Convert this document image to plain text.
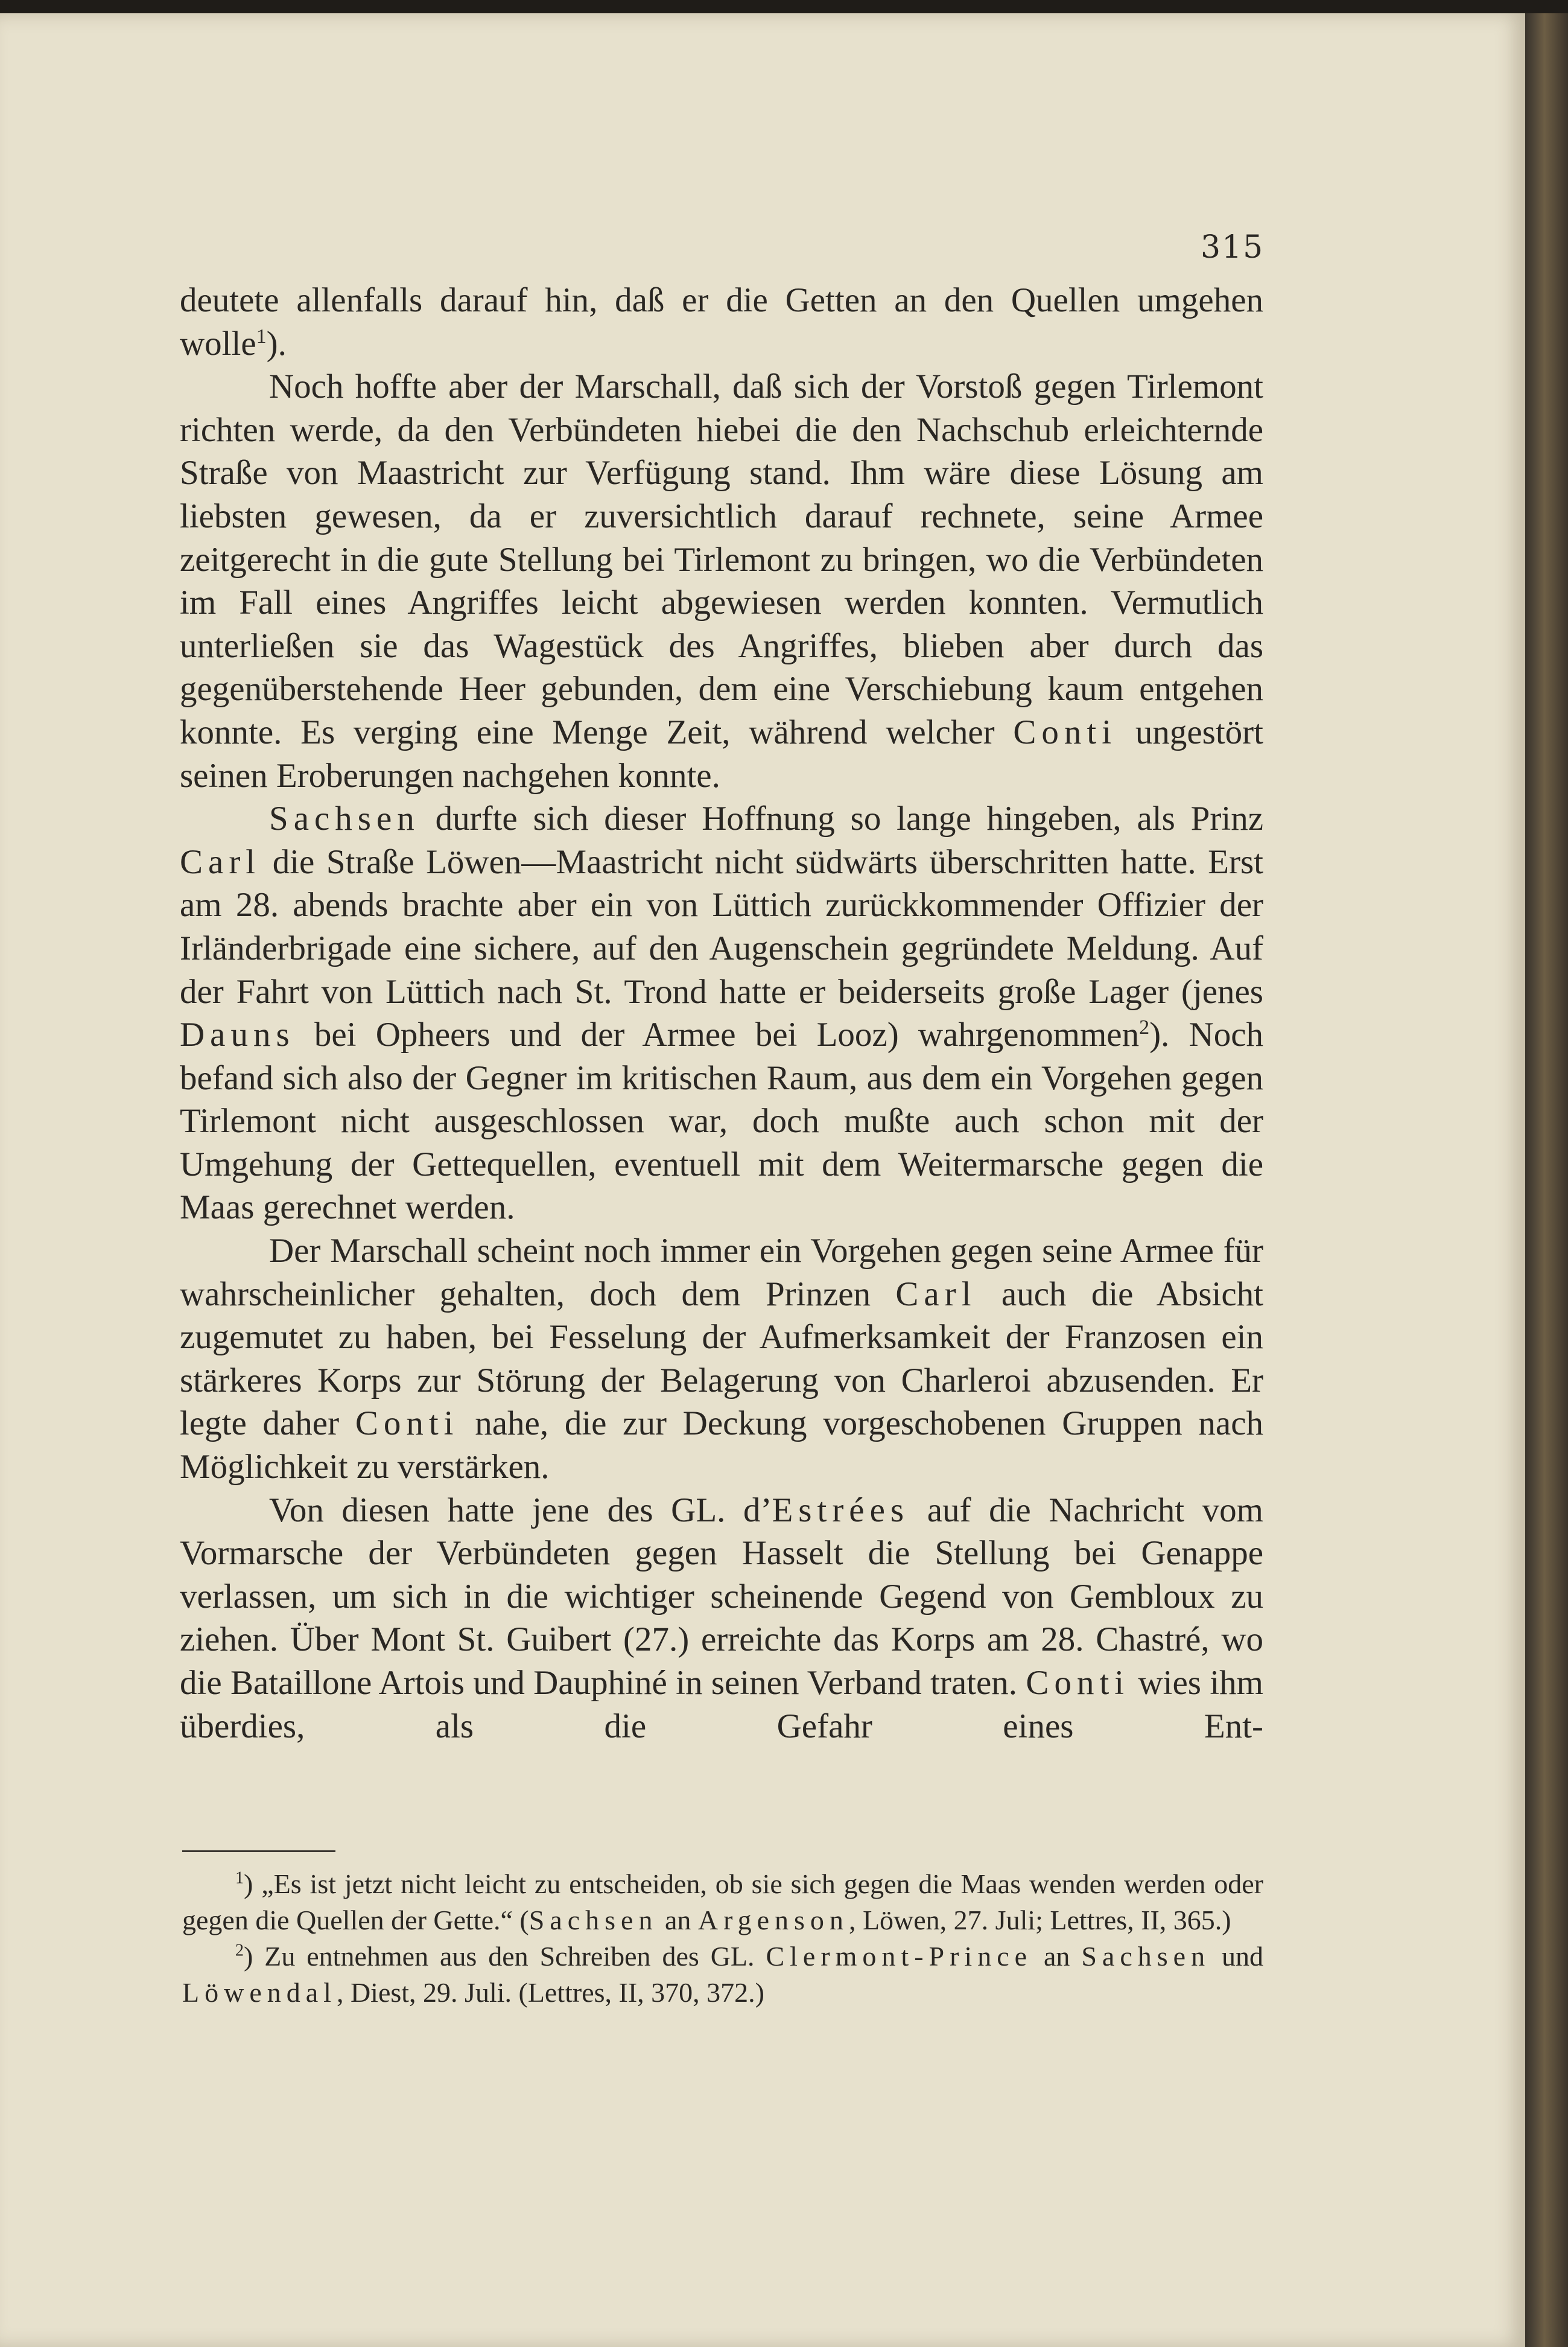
315

deutete allenfalls darauf hin, daß er die Getten an den Quellen umgehen wolle$^1$).

Noch hoffte aber der Marschall, daß sich der Vorstoß gegen Tirlemont richten werde, da den Verbündeten hiebei die den Nachschub erleichternde Straße von Maastricht zur Verfügung stand. Ihm wäre diese Lösung am liebsten gewesen, da er zuversichtlich darauf rechnete, seine Armee zeitgerecht in die gute Stellung bei Tirlemont zu bringen, wo die Verbündeten im Fall eines Angriffes leicht abgewiesen werden konnten. Vermutlich unterließen sie das Wagestück des Angriffes, blieben aber durch das gegenüberstehende Heer gebunden, dem eine Verschiebung kaum entgehen konnte. Es verging eine Menge Zeit, während welcher Conti ungestört seinen Eroberungen nachgehen konnte.

Sachsen durfte sich dieser Hoffnung so lange hingeben, als Prinz Carl die Straße Löwen—Maastricht nicht südwärts überschritten hatte. Erst am 28. abends brachte aber ein von Lüttich zurückkommender Offizier der Irländerbrigade eine sichere, auf den Augenschein gegründete Meldung. Auf der Fahrt von Lüttich nach St. Trond hatte er beiderseits große Lager (jenes Dauns bei Opheers und der Armee bei Looz) wahrgenommen$^2$). Noch befand sich also der Gegner im kritischen Raum, aus dem ein Vorgehen gegen Tirlemont nicht ausgeschlossen war, doch mußte auch schon mit der Umgehung der Gettequellen, eventuell mit dem Weitermarsche gegen die Maas gerechnet werden.

Der Marschall scheint noch immer ein Vorgehen gegen seine Armee für wahrscheinlicher gehalten, doch dem Prinzen Carl auch die Absicht zugemutet zu haben, bei Fesselung der Aufmerksamkeit der Franzosen ein stärkeres Korps zur Störung der Belagerung von Charleroi abzusenden. Er legte daher Conti nahe, die zur Deckung vorgeschobenen Gruppen nach Möglichkeit zu verstärken.

Von diesen hatte jene des GL. d’Estrées auf die Nachricht vom Vormarsche der Verbündeten gegen Hasselt die Stellung bei Genappe verlassen, um sich in die wichtiger scheinende Gegend von Gembloux zu ziehen. Über Mont St. Guibert (27.) erreichte das Korps am 28. Chastré, wo die Bataillone Artois und Dauphiné in seinen Verband traten. Conti wies ihm überdies, als die Gefahr eines Ent-

$^1$) „Es ist jetzt nicht leicht zu entscheiden, ob sie sich gegen die Maas wenden werden oder gegen die Quellen der Gette.“ (Sachsen an Argenson, Löwen, 27. Juli; Lettres, II, 365.)

$^2$) Zu entnehmen aus den Schreiben des GL. Clermont-Prince an Sachsen und Löwendal, Diest, 29. Juli. (Lettres, II, 370, 372.)
